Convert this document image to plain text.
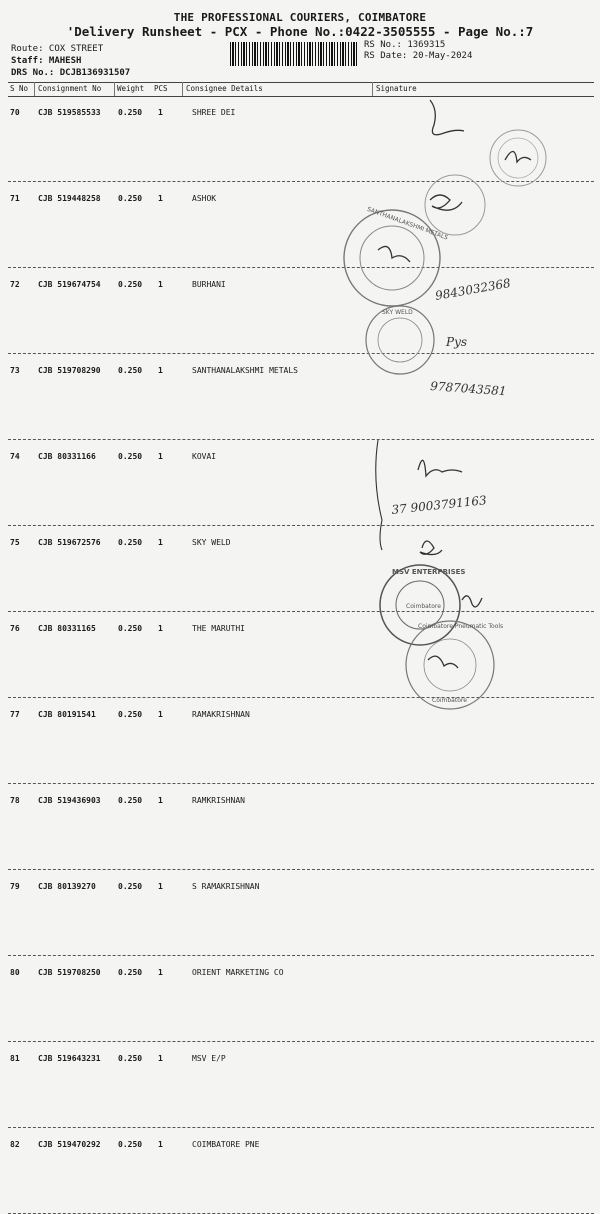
THE PROFESSIONAL COURIERS, COIMBATORE
'Delivery Runsheet - PCX - Phone No.:0422-3505555 - Page No.:7
Route: COX STREET
Staff: MAHESH
DRS No.: DCJB136931507
RS No.: 1369315
RS Date: 20-May-2024
S No Consignment No Weight PCS Consignee Details	Signature
70 CJB 519585533 0.250 1	SHREE DEI
71 CJB 519448258 0.250 1	ASHOK
72 CJB 519674754 0.250 1	BURHANI
73 CJB 519708290 0.250 1	SANTHANALAKSHMI METALS
74 CJB 80331166	0.250 1	KOVAI
75 CJB 519672576 0.250 1	SKY WELD
76 CJB 80331165	0.250 1	THE MARUTHI
77 CJB 80191541	0.250 1	RAMAKRISHNAN
78 CJB 519436903 0.250 1	RAMKRISHNAN
79 CJB 80139270	0.250 1	S RAMAKRISHNAN
80 CJB 519708250 0.250 1	ORIENT MARKETING CO
81 CJB 519643231 0.250 1	MSV E/P
82 CJB 519470292 0.250 1	COIMBATORE PNE
SANTHANALAKSHMI METALS
9843032368
SKY WELD
Pys
9787043581
37 9003791163
MSV ENTERPRISES
Coimbatore
Coimbatore Pneumatic Tools
Coimbatore
